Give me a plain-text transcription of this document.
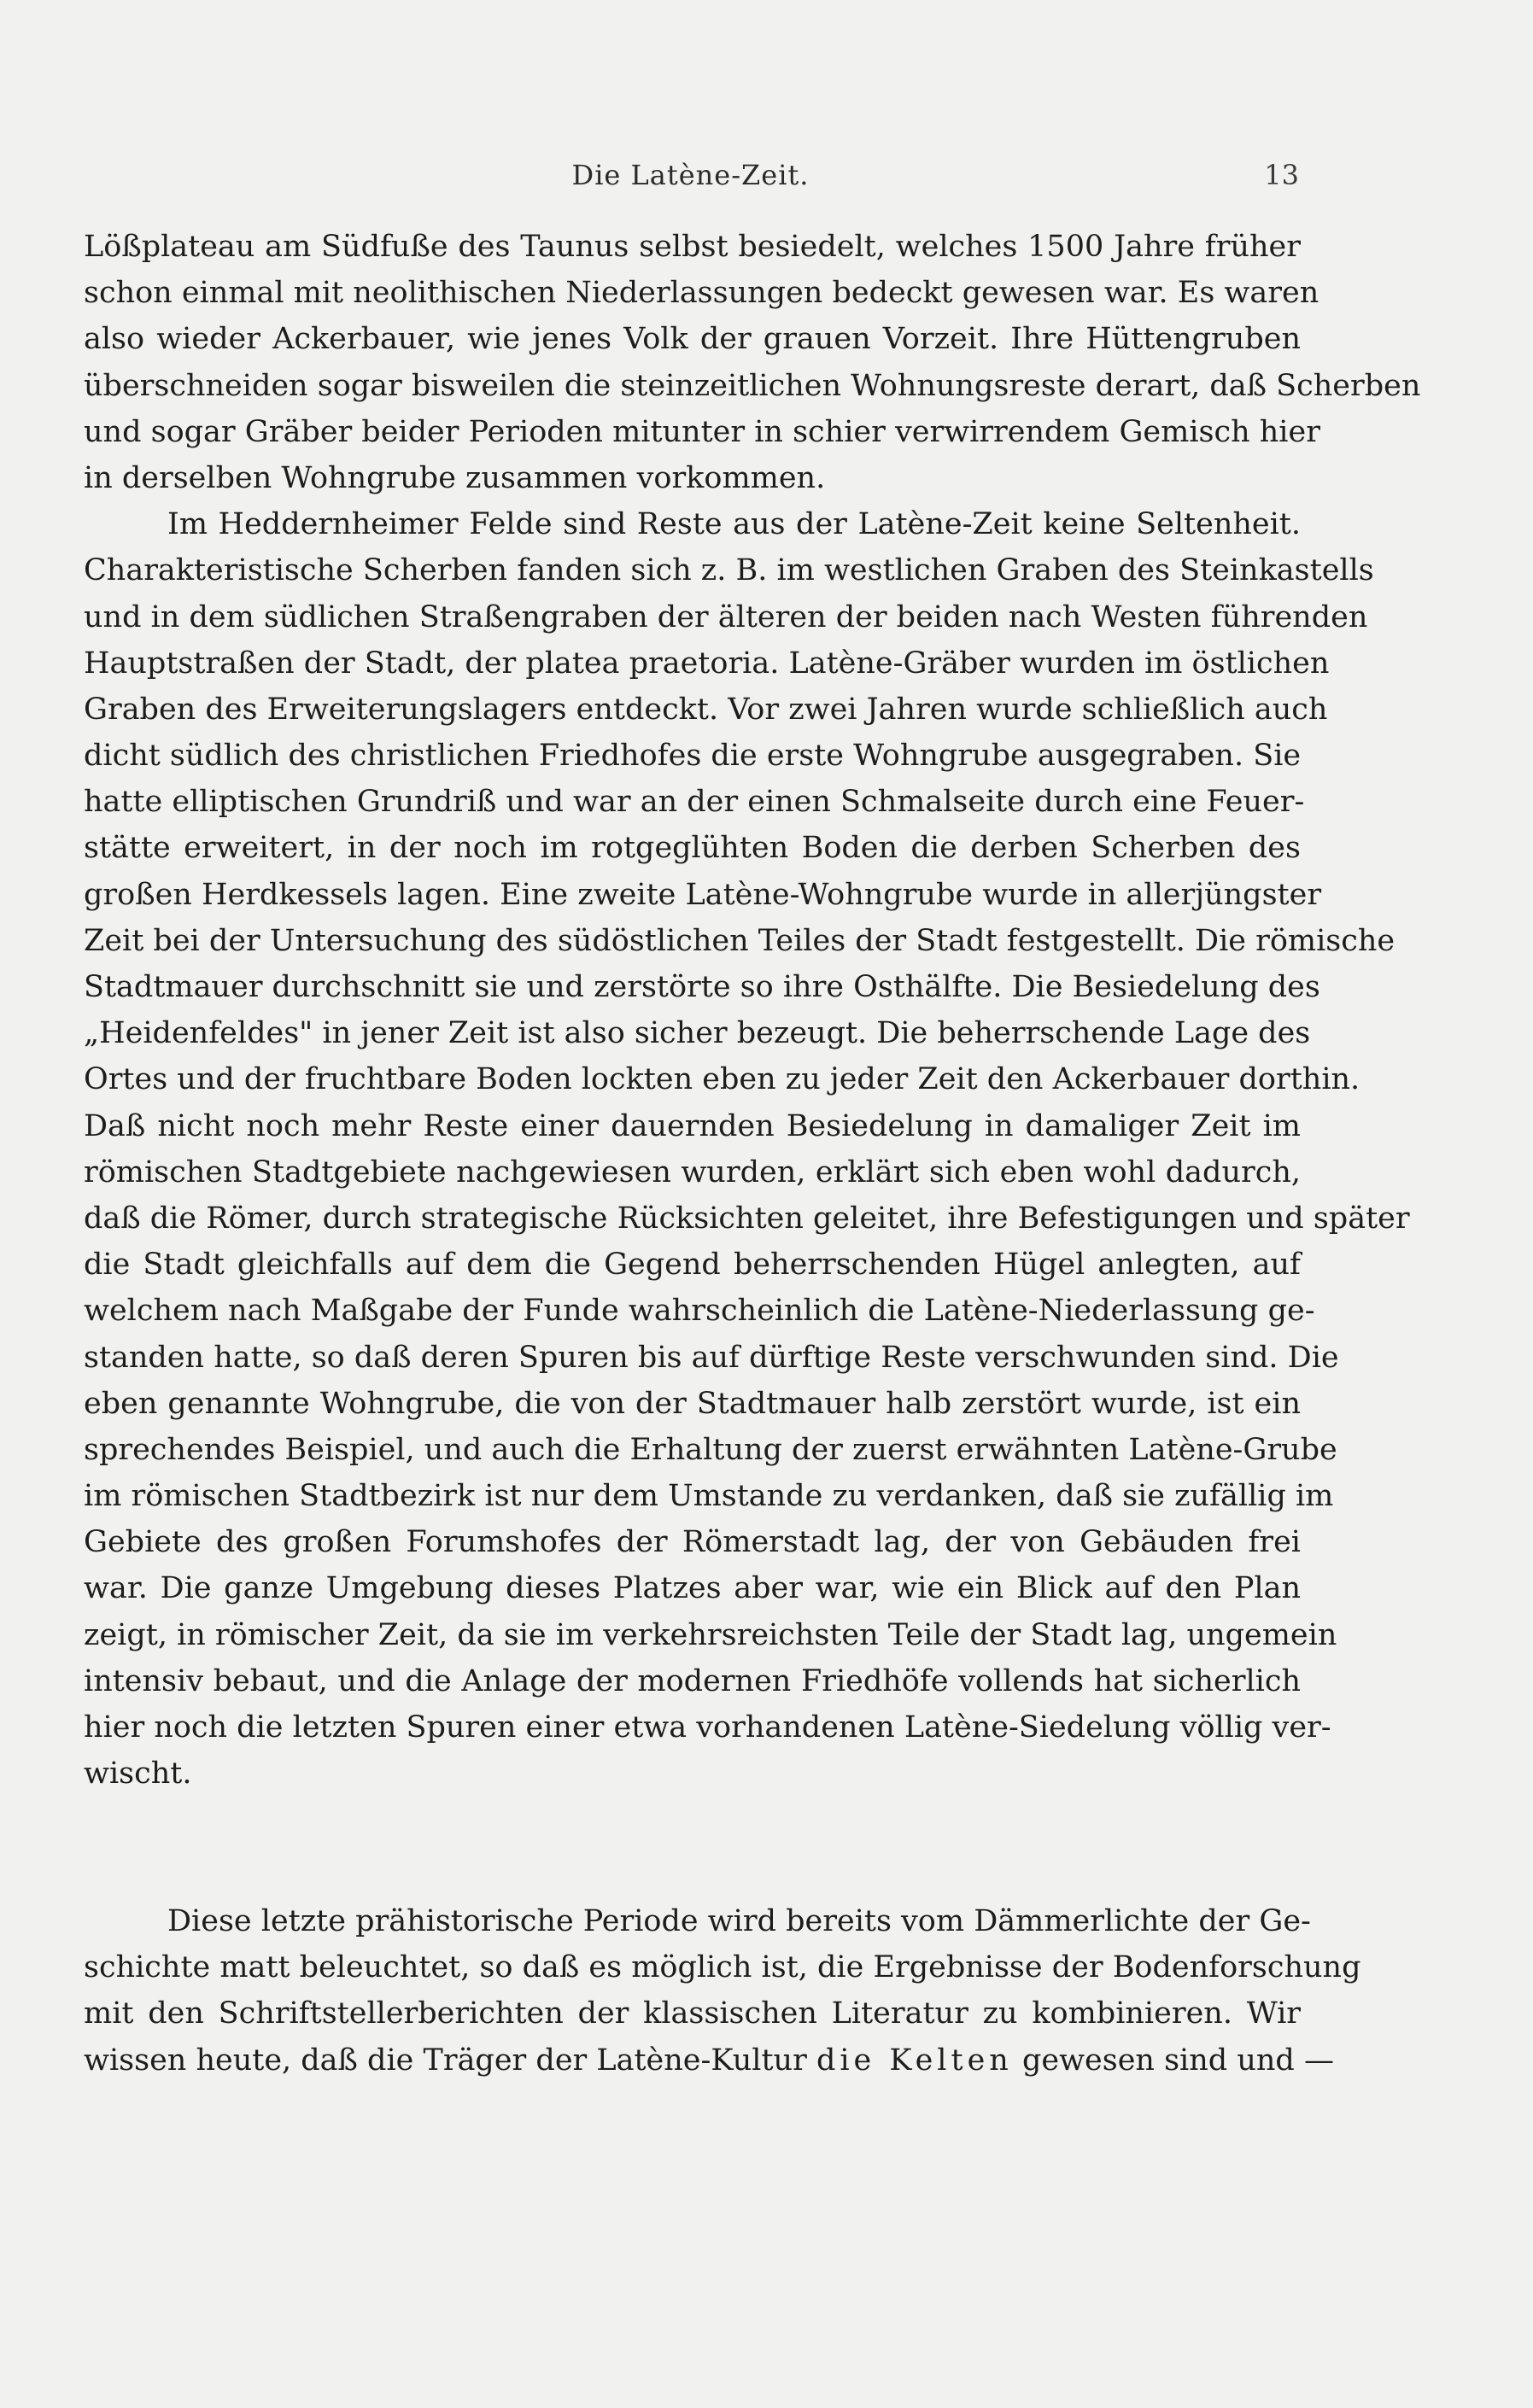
Die Latène-Zeit.	13
Lößplateau am Südfuße des Taunus selbst besiedelt, welches 1500 Jahre früher
schon einmal mit neolithischen Niederlassungen bedeckt gewesen war. Es waren
also wieder Ackerbauer, wie jenes Volk der grauen Vorzeit. Ihre Hüttengruben
überschneiden sogar bisweilen die steinzeitlichen Wohnungsreste derart, daß Scherben
und sogar Gräber beider Perioden mitunter in schier verwirrendem Gemisch hier
in derselben Wohngrube zusammen vorkommen.
Im Heddernheimer Felde sind Reste aus der Latène-Zeit keine Seltenheit.
Charakteristische Scherben fanden sich z. B. im westlichen Graben des Steinkastells
und in dem südlichen Straßengraben der älteren der beiden nach Westen führenden
Hauptstraßen der Stadt, der platea praetoria. Latène-Gräber wurden im östlichen
Graben des Erweiterungslagers entdeckt. Vor zwei Jahren wurde schließlich auch
dicht südlich des christlichen Friedhofes die erste Wohngrube ausgegraben. Sie
hatte elliptischen Grundriß und war an der einen Schmalseite durch eine Feuer-
stätte erweitert, in der noch im rotgeglühten Boden die derben Scherben des
großen Herdkessels lagen. Eine zweite Latène-Wohngrube wurde in allerjüngster
Zeit bei der Untersuchung des südöstlichen Teiles der Stadt festgestellt. Die römische
Stadtmauer durchschnitt sie und zerstörte so ihre Osthälfte. Die Besiedelung des
„Heidenfeldes" in jener Zeit ist also sicher bezeugt. Die beherrschende Lage des
Ortes und der fruchtbare Boden lockten eben zu jeder Zeit den Ackerbauer dorthin.
Daß nicht noch mehr Reste einer dauernden Besiedelung in damaliger Zeit im
römischen Stadtgebiete nachgewiesen wurden, erklärt sich eben wohl dadurch,
daß die Römer, durch strategische Rücksichten geleitet, ihre Befestigungen und später
die Stadt gleichfalls auf dem die Gegend beherrschenden Hügel anlegten, auf
welchem nach Maßgabe der Funde wahrscheinlich die Latène-Niederlassung ge-
standen hatte, so daß deren Spuren bis auf dürftige Reste verschwunden sind. Die
eben genannte Wohngrube, die von der Stadtmauer halb zerstört wurde, ist ein
sprechendes Beispiel, und auch die Erhaltung der zuerst erwähnten Latène-Grube
im römischen Stadtbezirk ist nur dem Umstande zu verdanken, daß sie zufällig im
Gebiete des großen Forumshofes der Römerstadt lag, der von Gebäuden frei
war. Die ganze Umgebung dieses Platzes aber war, wie ein Blick auf den Plan
zeigt, in römischer Zeit, da sie im verkehrsreichsten Teile der Stadt lag, ungemein
intensiv bebaut, und die Anlage der modernen Friedhöfe vollends hat sicherlich
hier noch die letzten Spuren einer etwa vorhandenen Latène-Siedelung völlig ver-
wischt.
Diese letzte prähistorische Periode wird bereits vom Dämmerlichte der Ge-
schichte matt beleuchtet, so daß es möglich ist, die Ergebnisse der Bodenforschung
mit den Schriftstellerberichten der klassischen Literatur zu kombinieren. Wir
wissen heute, daß die Träger der Latène-Kultur die Kelten gewesen sind und —
